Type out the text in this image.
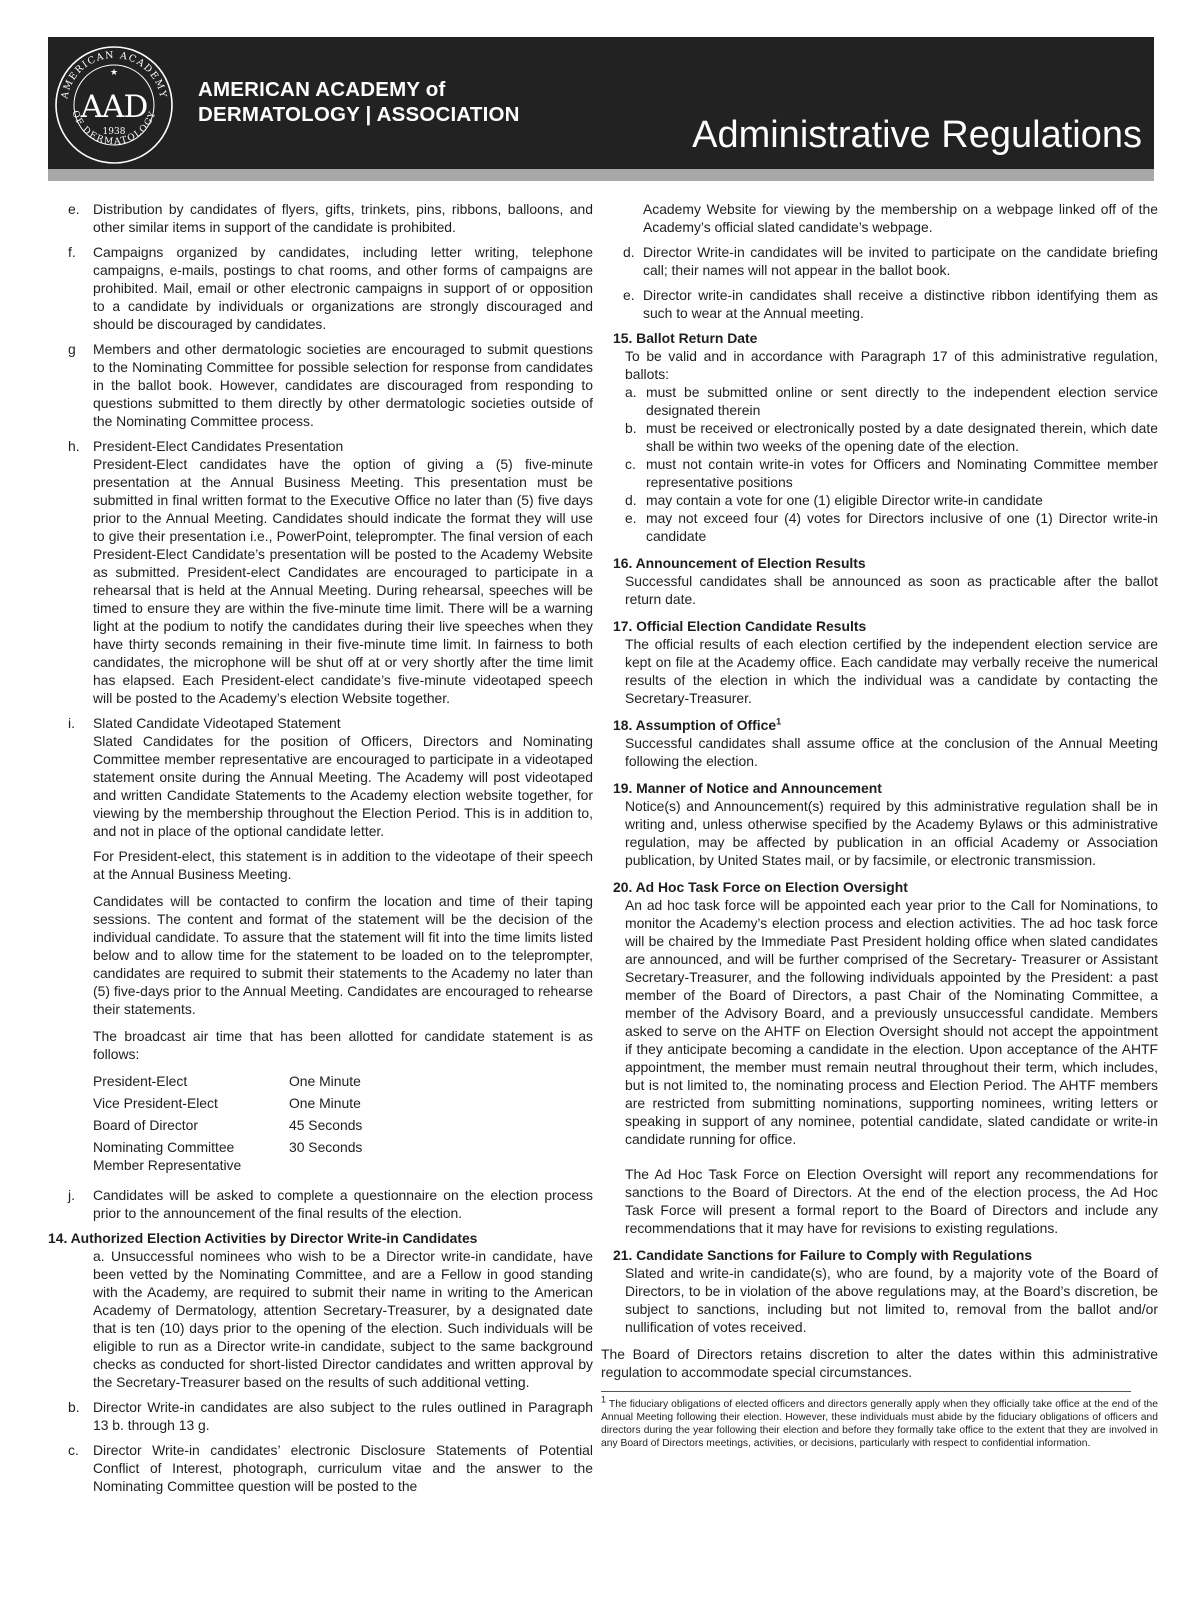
AMERICAN ACADEMY
OF DERMATOLOGY
★
AAD
1938
AMERICAN ACADEMY of
DERMATOLOGY | ASSOCIATION	Administrative Regulations
e. Distribution by candidates of flyers, gifts, trinkets, pins, ribbons, balloons, and other similar items in support of the candidate is prohibited.
f. Campaigns organized by candidates, including letter writing, telephone campaigns, e-mails, postings to chat rooms, and other forms of campaigns are prohibited. Mail, email or other electronic campaigns in support of or opposition to a candidate by individuals or organizations are strongly discouraged and should be discouraged by candidates.
g Members and other dermatologic societies are encouraged to submit questions to the Nominating Committee for possible selection for response from candidates in the ballot book. However, candidates are discouraged from responding to questions submitted to them directly by other dermatologic societies outside of the Nominating Committee process.
h. President-Elect Candidates Presentation
President-Elect candidates have the option of giving a (5) five-minute presentation at the Annual Business Meeting. This presentation must be submitted in final written format to the Executive Office no later than (5) five days prior to the Annual Meeting. Candidates should indicate the format they will use to give their presentation i.e., PowerPoint, teleprompter. The final version of each President-Elect Candidate’s presentation will be posted to the Academy Website as submitted. President-elect Candidates are encouraged to participate in a rehearsal that is held at the Annual Meeting. During rehearsal, speeches will be timed to ensure they are within the five-minute time limit. There will be a warning light at the podium to notify the candidates during their live speeches when they have thirty seconds remaining in their five-minute time limit. In fairness to both candidates, the microphone will be shut off at or very shortly after the time limit has elapsed. Each President-elect candidate’s five-minute videotaped speech will be posted to the Academy’s election Website together.
i. Slated Candidate Videotaped Statement
Slated Candidates for the position of Officers, Directors and Nominating Committee member representative are encouraged to participate in a videotaped statement onsite during the Annual Meeting. The Academy will post videotaped and written Candidate Statements to the Academy election website together, for viewing by the membership throughout the Election Period. This is in addition to, and not in place of the optional candidate letter.
For President-elect, this statement is in addition to the videotape of their speech at the Annual Business Meeting.
Candidates will be contacted to confirm the location and time of their taping sessions. The content and format of the statement will be the decision of the individual candidate. To assure that the statement will fit into the time limits listed below and to allow time for the statement to be loaded on to the teleprompter, candidates are required to submit their statements to the Academy no later than (5) five-days prior to the Annual Meeting. Candidates are encouraged to rehearse their statements.
The broadcast air time that has been allotted for candidate statement is as follows:
President-Elect	One Minute
Vice President-Elect	One Minute
Board of Director	45 Seconds
Nominating Committee Member Representative	30 Seconds
j. Candidates will be asked to complete a questionnaire on the election process prior to the announcement of the final results of the election.
14. Authorized Election Activities by Director Write-in Candidates
a. Unsuccessful nominees who wish to be a Director write-in candidate, have been vetted by the Nominating Committee, and are a Fellow in good standing with the Academy, are required to submit their name in writing to the American Academy of Dermatology, attention Secretary-Treasurer, by a designated date that is ten (10) days prior to the opening of the election. Such individuals will be eligible to run as a Director write-in candidate, subject to the same background checks as conducted for short-listed Director candidates and written approval by the Secretary-Treasurer based on the results of such additional vetting.
b. Director Write-in candidates are also subject to the rules outlined in Paragraph 13 b. through 13 g.
c. Director Write-in candidates’ electronic Disclosure Statements of Potential Conflict of Interest, photograph, curriculum vitae and the answer to the Nominating Committee question will be posted to the
Academy Website for viewing by the membership on a webpage linked off of the Academy’s official slated candidate’s webpage.
d. Director Write-in candidates will be invited to participate on the candidate briefing call; their names will not appear in the ballot book.
e. Director write-in candidates shall receive a distinctive ribbon identifying them as such to wear at the Annual meeting.
15. Ballot Return Date
To be valid and in accordance with Paragraph 17 of this administrative regulation, ballots:
a. must be submitted online or sent directly to the independent election service designated therein
b. must be received or electronically posted by a date designated therein, which date shall be within two weeks of the opening date of the election.
c. must not contain write-in votes for Officers and Nominating Committee member representative positions
d. may contain a vote for one (1) eligible Director write-in candidate
e. may not exceed four (4) votes for Directors inclusive of one (1) Director write-in candidate
16. Announcement of Election Results
Successful candidates shall be announced as soon as practicable after the ballot return date.
17. Official Election Candidate Results
The official results of each election certified by the independent election service are kept on file at the Academy office. Each candidate may verbally receive the numerical results of the election in which the individual was a candidate by contacting the Secretary-Treasurer.
18. Assumption of Office$^1$
Successful candidates shall assume office at the conclusion of the Annual Meeting following the election.
19. Manner of Notice and Announcement
Notice(s) and Announcement(s) required by this administrative regulation shall be in writing and, unless otherwise specified by the Academy Bylaws or this administrative regulation, may be affected by publication in an official Academy or Association publication, by United States mail, or by facsimile, or electronic transmission.
20. Ad Hoc Task Force on Election Oversight
An ad hoc task force will be appointed each year prior to the Call for Nominations, to monitor the Academy’s election process and election activities. The ad hoc task force will be chaired by the Immediate Past President holding office when slated candidates are announced, and will be further comprised of the Secretary- Treasurer or Assistant Secretary-Treasurer, and the following individuals appointed by the President: a past member of the Board of Directors, a past Chair of the Nominating Committee, a member of the Advisory Board, and a previously unsuccessful candidate. Members asked to serve on the AHTF on Election Oversight should not accept the appointment if they anticipate becoming a candidate in the election. Upon acceptance of the AHTF appointment, the member must remain neutral throughout their term, which includes, but is not limited to, the nominating process and Election Period. The AHTF members are restricted from submitting nominations, supporting nominees, writing letters or speaking in support of any nominee, potential candidate, slated candidate or write-in candidate running for office.
The Ad Hoc Task Force on Election Oversight will report any recommendations for sanctions to the Board of Directors. At the end of the election process, the Ad Hoc Task Force will present a formal report to the Board of Directors and include any recommendations that it may have for revisions to existing regulations.
21. Candidate Sanctions for Failure to Comply with Regulations
Slated and write-in candidate(s), who are found, by a majority vote of the Board of Directors, to be in violation of the above regulations may, at the Board’s discretion, be subject to sanctions, including but not limited to, removal from the ballot and/or nullification of votes received.
The Board of Directors retains discretion to alter the dates within this administrative regulation to accommodate special circumstances.
$^1$ The fiduciary obligations of elected officers and directors generally apply when they officially take office at the end of the Annual Meeting following their election. However, these individuals must abide by the fiduciary obligations of officers and directors during the year following their election and before they formally take office to the extent that they are involved in any Board of Directors meetings, activities, or decisions, particularly with respect to confidential information.
